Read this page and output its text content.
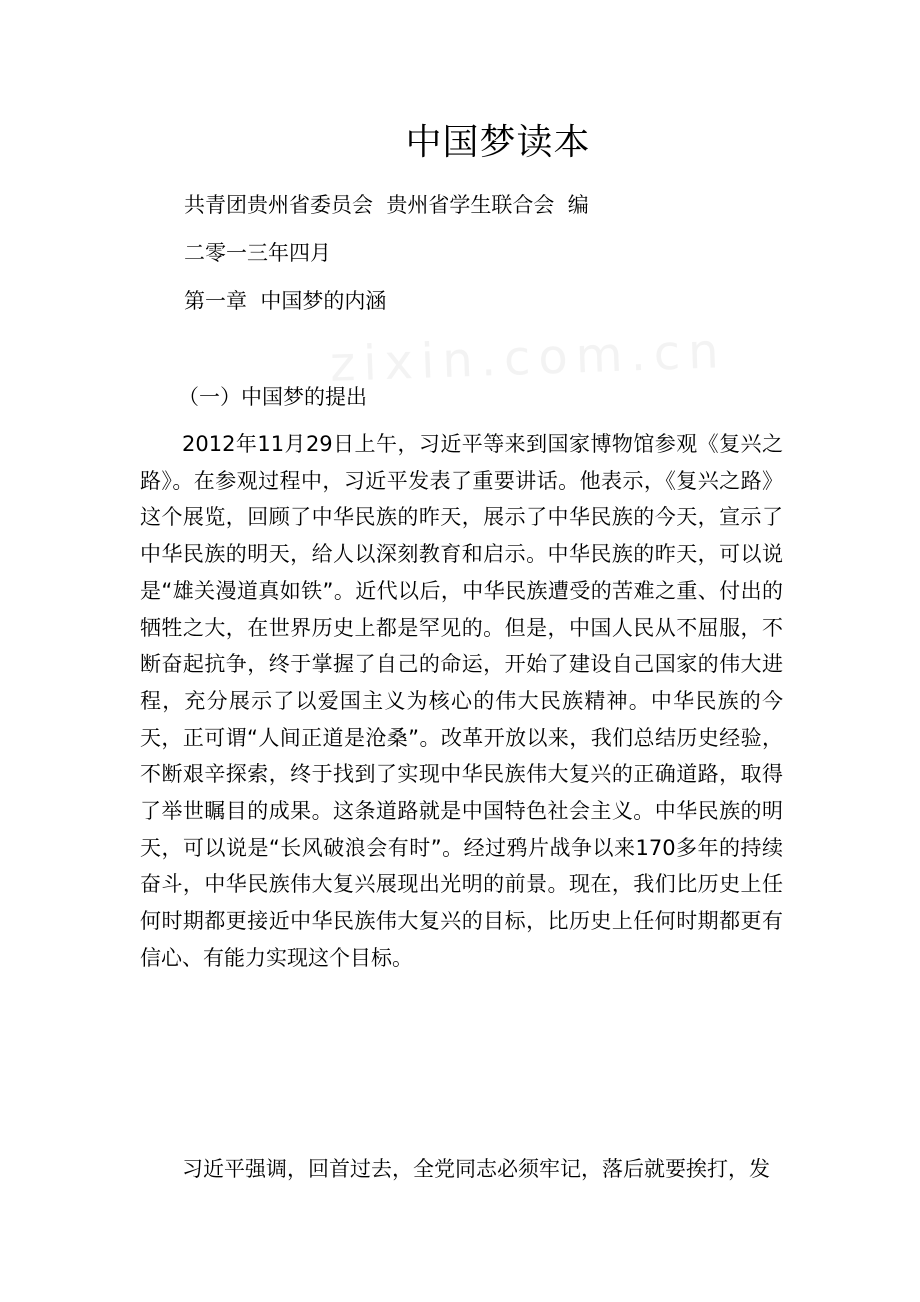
zixin.com.cn
中国梦读本
共青团贵州省委员会  贵州省学生联合会  编
二零一三年四月
第一章  中国梦的内涵
（一）中国梦的提出

2012年11月29日上午，习近平等来到国家博物馆参观《复兴之路》。在参观过程中，习近平发表了重要讲话。他表示，《复兴之路》这个展览，回顾了中华民族的昨天，展示了中华民族的今天，宣示了中华民族的明天，给人以深刻教育和启示。中华民族的昨天，可以说是“雄关漫道真如铁”。近代以后，中华民族遭受的苦难之重、付出的牺牲之大，在世界历史上都是罕见的。但是，中国人民从不屈服，不断奋起抗争，终于掌握了自己的命运，开始了建设自己国家的伟大进程，充分展示了以爱国主义为核心的伟大民族精神。中华民族的今天，正可谓“人间正道是沧桑”。改革开放以来，我们总结历史经验，不断艰辛探索，终于找到了实现中华民族伟大复兴的正确道路，取得了举世瞩目的成果。这条道路就是中国特色社会主义。中华民族的明天，可以说是“长风破浪会有时”。经过鸦片战争以来170多年的持续奋斗，中华民族伟大复兴展现出光明的前景。现在，我们比历史上任何时期都更接近中华民族伟大复兴的目标，比历史上任何时期都更有信心、有能力实现这个目标。

习近平强调，回首过去，全党同志必须牢记，落后就要挨打，发
